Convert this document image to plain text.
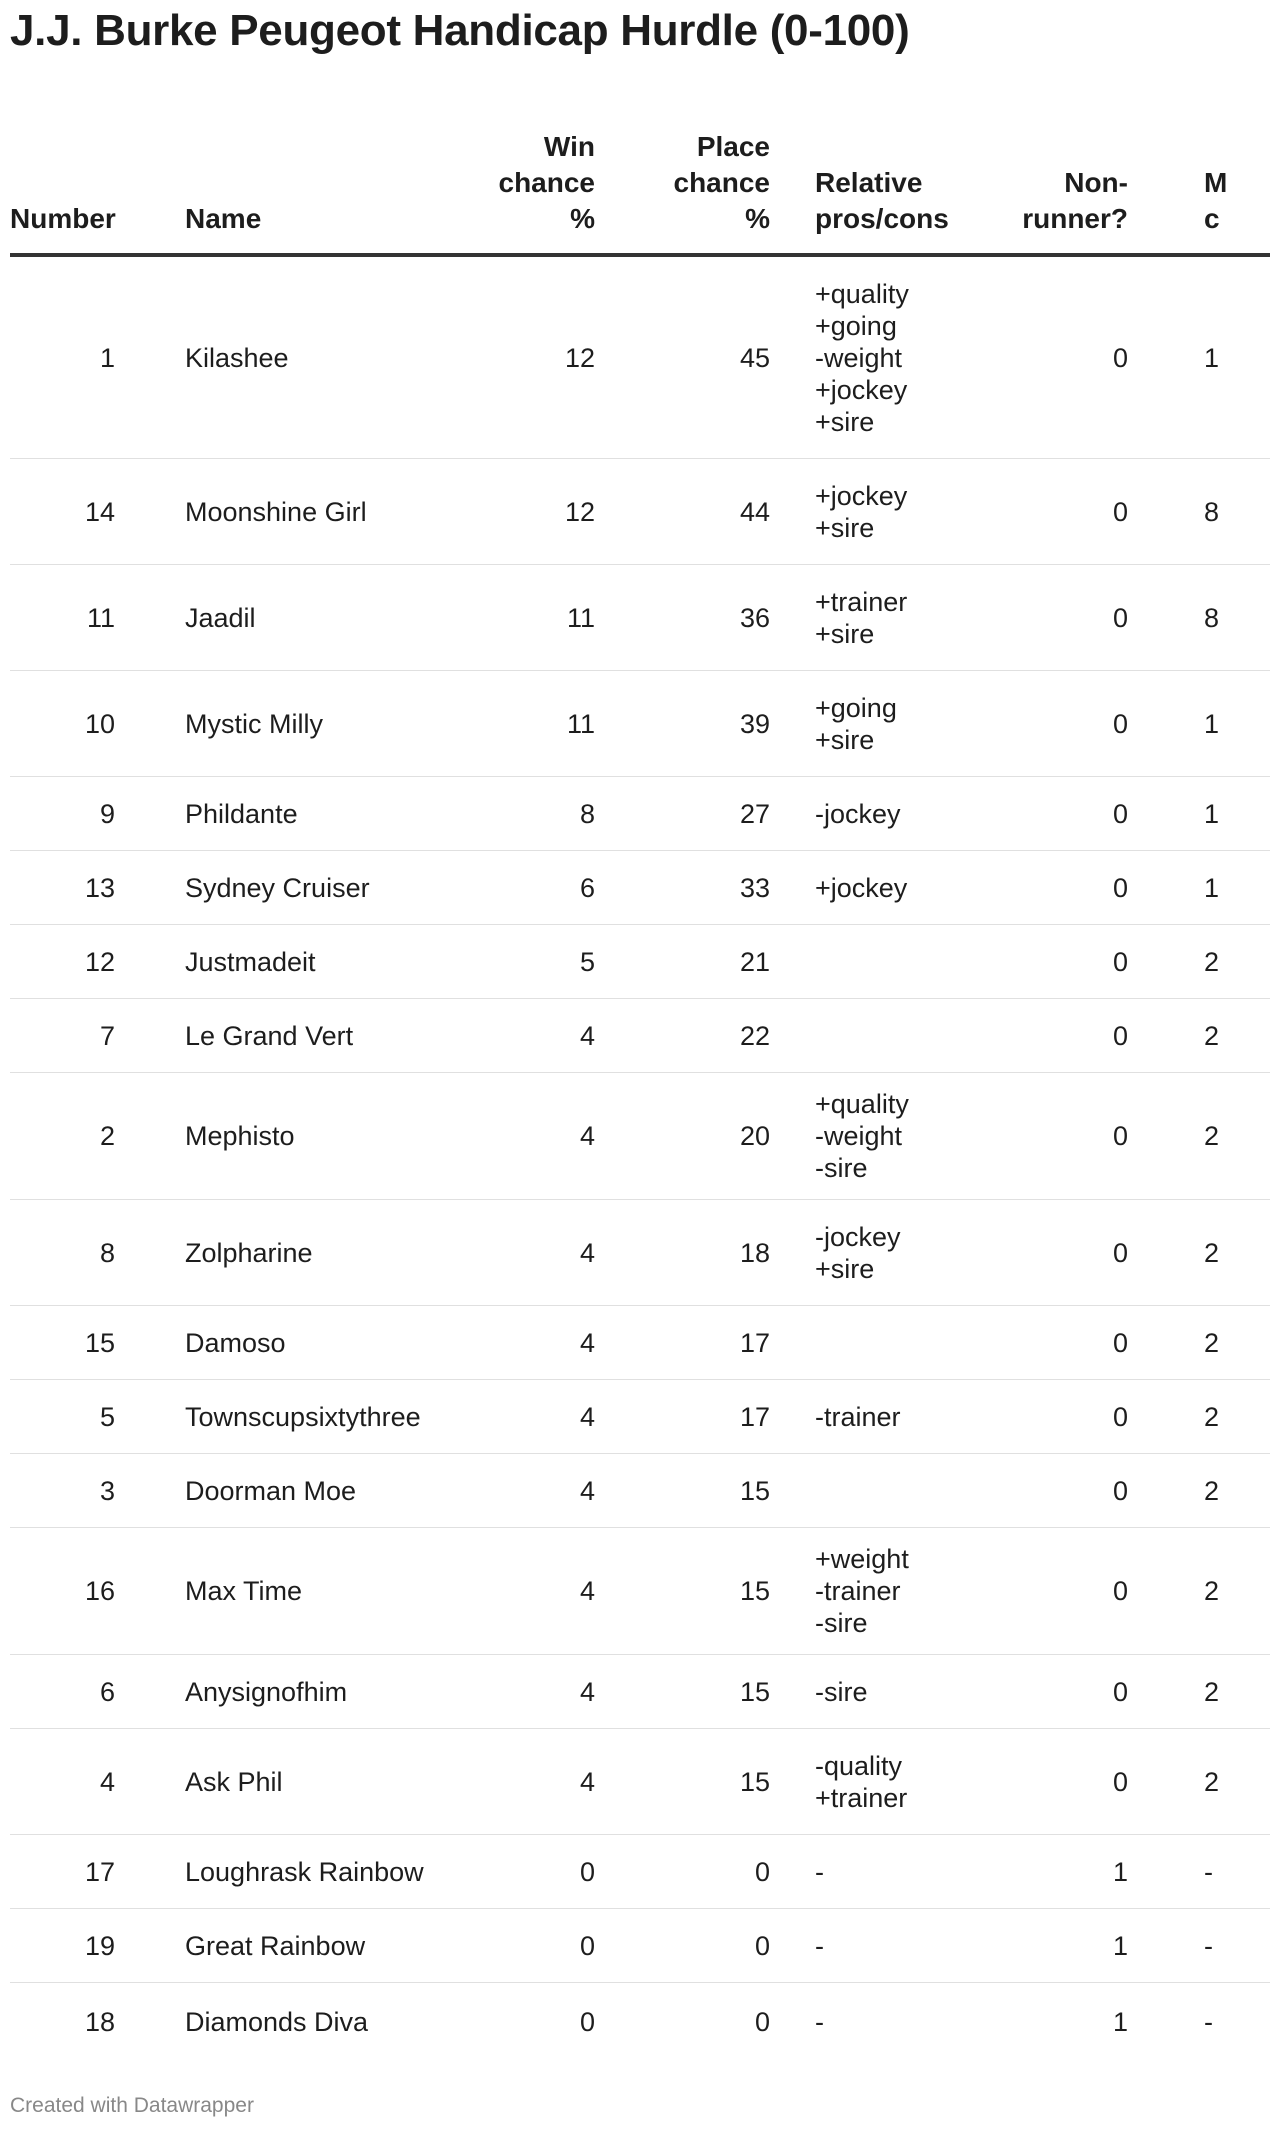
J.J. Burke Peugeot Handicap Hurdle (0-100)
Number	Name	Win chance %	Place chance %	Relative pros/cons	Non-runner?	M c
1	Kilashee	12	45	+quality
+going
-weight
+jockey
+sire	0	1
14	Moonshine Girl	12	44	+jockey
+sire	0	8
11	Jaadil	11	36	+trainer
+sire	0	8
10	Mystic Milly	11	39	+going
+sire	0	1
9	Phildante	8	27	-jockey	0	1
13	Sydney Cruiser	6	33	+jockey	0	1
12	Justmadeit	5	21		0	2
7	Le Grand Vert	4	22		0	2
2	Mephisto	4	20	+quality
-weight
-sire	0	2
8	Zolpharine	4	18	-jockey
+sire	0	2
15	Damoso	4	17		0	2
5	Townscupsixtythree	4	17	-trainer	0	2
3	Doorman Moe	4	15		0	2
16	Max Time	4	15	+weight
-trainer
-sire	0	2
6	Anysignofhim	4	15	-sire	0	2
4	Ask Phil	4	15	-quality
+trainer	0	2
17	Loughrask Rainbow	0	0	-	1	-
19	Great Rainbow	0	0	-	1	-
18	Diamonds Diva	0	0	-	1	-
Created with Datawrapper
